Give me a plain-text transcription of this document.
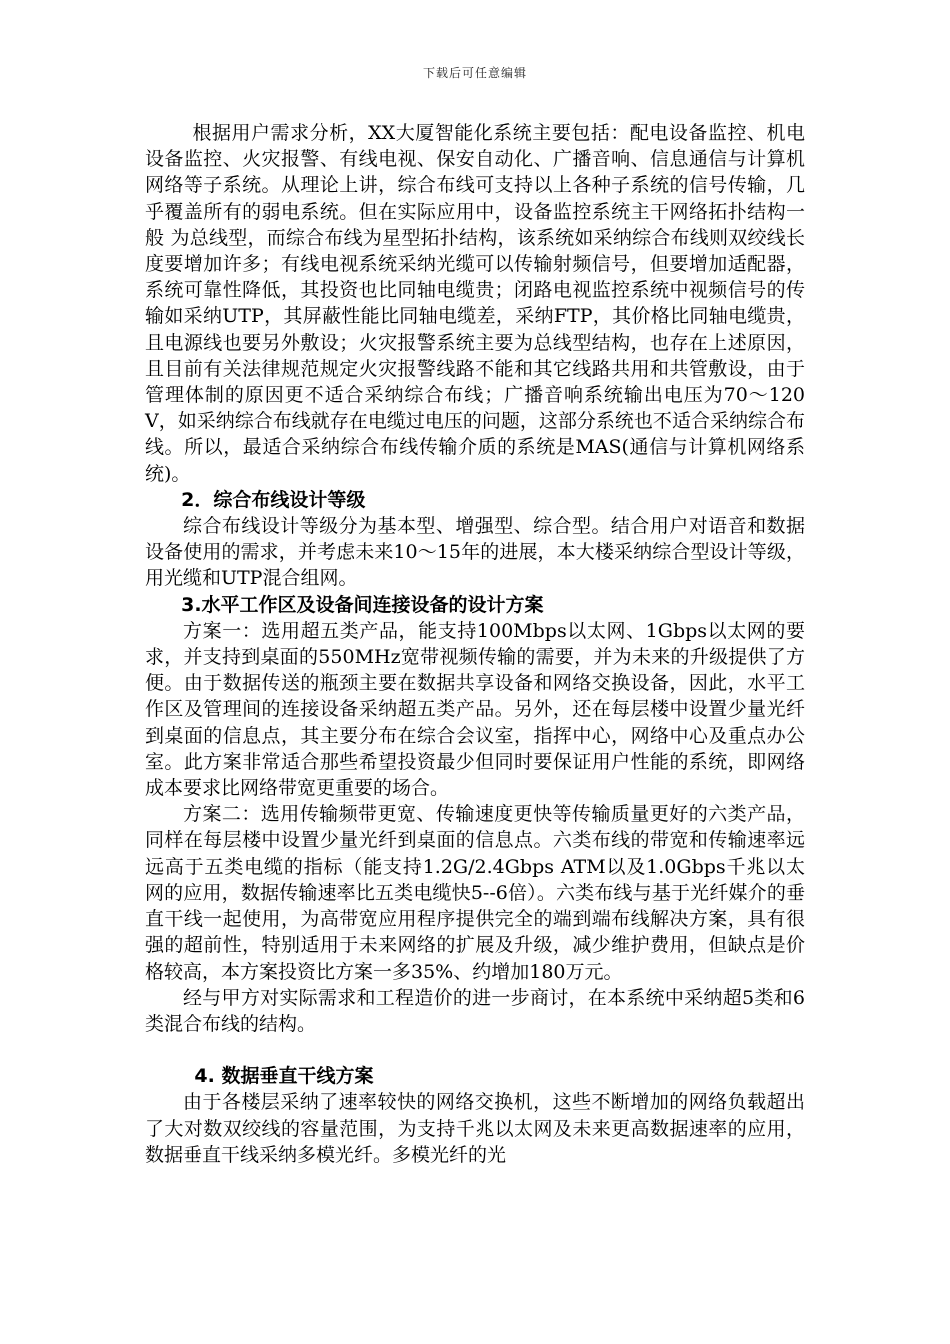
下载后可任意编辑

根据用户需求分析，XX大厦智能化系统主要包括：配电设备监控、机电设备监控、火灾报警、有线电视、保安自动化、广播音响、信息通信与计算机网络等子系统。从理论上讲，综合布线可支持以上各种子系统的信号传输，几乎覆盖所有的弱电系统。但在实际应用中，设备监控系统主干网络拓扑结构一般 为总线型，而综合布线为星型拓扑结构，该系统如采纳综合布线则双绞线长度要增加许多；有线电视系统采纳光缆可以传输射频信号，但要增加适配器，系统可靠性降低，其投资也比同轴电缆贵；闭路电视监控系统中视频信号的传输如采纳UTP，其屏蔽性能比同轴电缆差，采纳FTP，其价格比同轴电缆贵，且电源线也要另外敷设；火灾报警系统主要为总线型结构，也存在上述原因，且目前有关法律规范规定火灾报警线路不能和其它线路共用和共管敷设，由于管理体制的原因更不适合采纳综合布线；广播音响系统输出电压为70～120V，如采纳综合布线就存在电缆过电压的问题，这部分系统也不适合采纳综合布线。所以，最适合采纳综合布线传输介质的系统是MAS(通信与计算机网络系统)。

2．综合布线设计等级

综合布线设计等级分为基本型、增强型、综合型。结合用户对语音和数据设备使用的需求，并考虑未来10～15年的进展，本大楼采纳综合型设计等级，用光缆和UTP混合组网。

3.水平工作区及设备间连接设备的设计方案

方案一：选用超五类产品，能支持100Mbps以太网、1Gbps以太网的要求，并支持到桌面的550MHz宽带视频传输的需要，并为未来的升级提供了方便。由于数据传送的瓶颈主要在数据共享设备和网络交换设备，因此，水平工作区及管理间的连接设备采纳超五类产品。另外，还在每层楼中设置少量光纤到桌面的信息点，其主要分布在综合会议室，指挥中心，网络中心及重点办公室。此方案非常适合那些希望投资最少但同时要保证用户性能的系统，即网络成本要求比网络带宽更重要的场合。

方案二：选用传输频带更宽、传输速度更快等传输质量更好的六类产品，同样在每层楼中设置少量光纤到桌面的信息点。六类布线的带宽和传输速率远远高于五类电缆的指标（能支持1.2G/2.4Gbps ATM以及1.0Gbps千兆以太网的应用，数据传输速率比五类电缆快5--6倍）。六类布线与基于光纤媒介的垂直干线一起使用，为高带宽应用程序提供完全的端到端布线解决方案，具有很强的超前性，特别适用于未来网络的扩展及升级，减少维护费用，但缺点是价格较高，本方案投资比方案一多35%、约增加180万元。

经与甲方对实际需求和工程造价的进一步商讨，在本系统中采纳超5类和6类混合布线的结构。

4. 数据垂直干线方案

由于各楼层采纳了速率较快的网络交换机，这些不断增加的网络负载超出了大对数双绞线的容量范围，为支持千兆以太网及未来更高数据速率的应用，数据垂直干线采纳多模光纤。多模光纤的光
